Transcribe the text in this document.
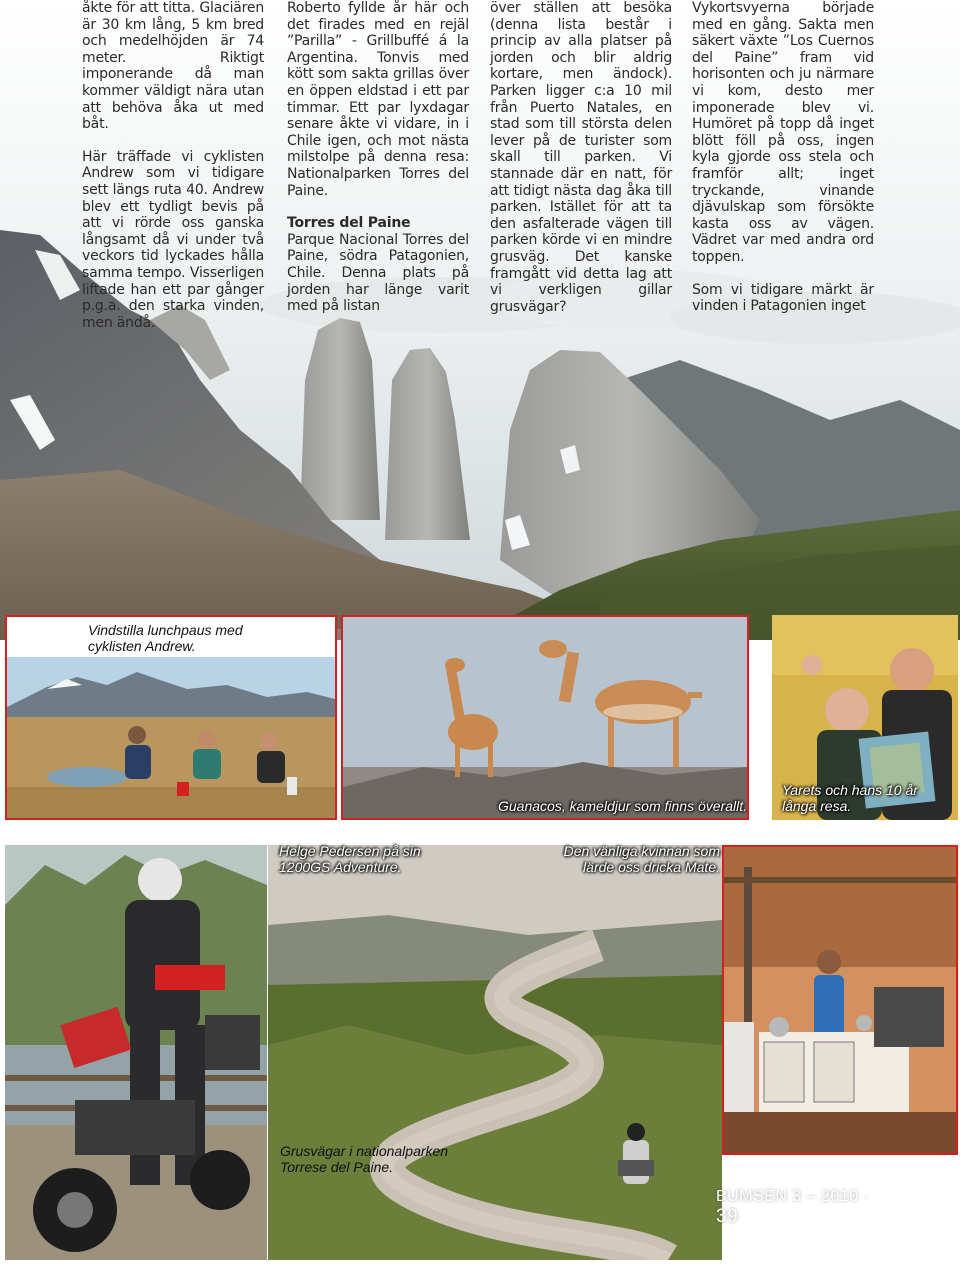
åkte för att titta. Glaciären är 30 km lång, 5 km bred och medelhöjden är 74 meter. Riktigt imponerande då man kommer väldigt nära utan att behöva åka ut med båt.

Här träffade vi cyklisten Andrew som vi tidigare sett längs ruta 40. Andrew blev ett tydligt bevis på att vi rörde oss ganska långsamt då vi under två veckors tid lyckades hålla samma tempo. Visserligen liftade han ett par gånger p.g.a. den starka vinden, men ändå.

Roberto fyllde år här och det firades med en rejäl ”Parilla” - Grillbuffé á la Argentina. Tonvis med kött som sakta grillas över en öppen eldstad i ett par timmar. Ett par lyxdagar senare åkte vi vidare, in i Chile igen, och mot nästa milstolpe på denna resa: Nationalparken Torres del Paine.

Torres del Paine

Parque Nacional Torres del Paine, södra Patagonien, Chile. Denna plats på jorden har länge varit med på listan

över ställen att besöka (denna lista består i princip av alla platser på jorden och blir aldrig kortare, men ändock). Parken ligger c:a 10 mil från Puerto Natales, en stad som till största delen lever på de turister som skall till parken. Vi stannade där en natt, för att tidigt nästa dag åka till parken. Istället för att ta den asfalterade vägen till parken körde vi en mindre grusväg. Det kanske framgått vid detta lag att vi verkligen gillar grusvägar?

Vykortsvyerna började med en gång. Sakta men säkert växte ”Los Cuernos del Paine” fram vid horisonten och ju närmare vi kom, desto mer imponerade blev vi. Humöret på topp då inget blött föll på oss, ingen kyla gjorde oss stela och framför allt; inget tryckande, vinande djävulskap som försökte kasta oss av vägen. Vädret var med andra ord toppen.

Som vi tidigare märkt är vinden i Patagonien inget

Vindstilla lunchpaus med cyklisten Andrew.
Guanacos, kameldjur som finns överallt.
Yarets och hans 10 år långa resa.
Helge Pedersen på sin 1200GS Adventure.
Grusvägar i nationalparken Torrese del Paine.
Den vänliga kvinnan som lärde oss dricka Mate.
BUMSEN 3 – 2010 · 39
